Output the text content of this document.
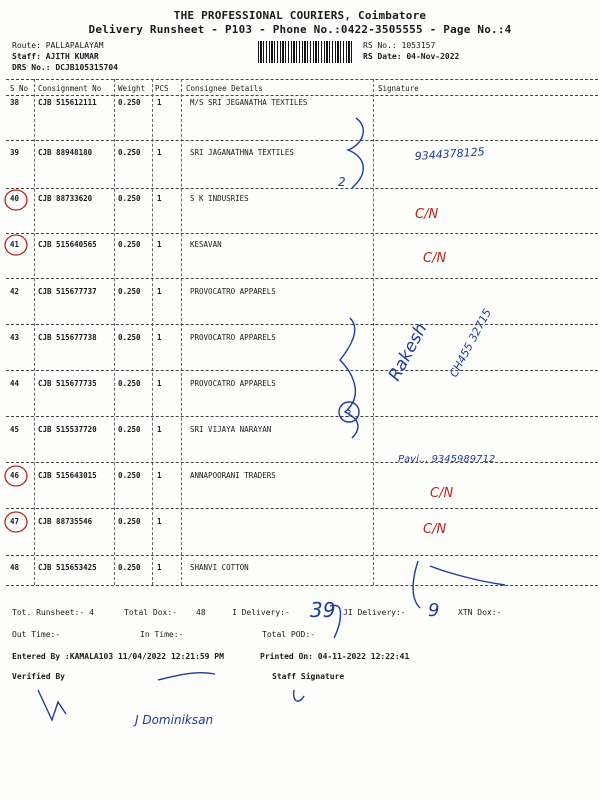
THE PROFESSIONAL COURIERS, Coimbatore
Delivery Runsheet - P103 - Phone No.:0422-3505555 - Page No.:4
Route: PALLAPALAYAM
Staff: AJITH KUMAR
DRS No.: DCJB105315704
RS No.: 1053157
RS Date: 04-Nov-2022
S No Consignment No Weight PCS Consignee Details	Signature
38	CJB 515612111	0.250 1	M/S SRI JEGANATHA TEXTILES
39	CJB 88948180	0.250 1	SRI JAGANATHNA TEXTILES
40	CJB 88733620	0.250 1	S K INDUSRIES
41	CJB 515640565	0.250 1	KESAVAN
42	CJB 515677737	0.250 1	PROVOCATRO APPARELS
43	CJB 515677738	0.250 1	PROVOCATRO APPARELS
44	CJB 515677735	0.250 1	PROVOCATRO APPARELS
45	CJB 515537720	0.250 1	SRI VIJAYA NARAYAN
46	CJB 515643015	0.250 1	ANNAPOORANI TRADERS
47	CJB 88735546	0.250 1
48	CJB 515653425	0.250 1	SHANVI COTTON
2
9344378125
C/N
C/N
Rakesh CH455 32715
3
Pavi... 9345989712
C/N
C/N
J Dominiksan
Tot. Runsheet:- 4	Total Dox:- 48	I Delivery:- 39 JI Delivery:- 9 XTN Dox:-
Out Time:-	In Time:-	Total POD:-
Entered By :KAMALA103 11/04/2022 12:21:59 PM	Printed On: 04-11-2022 12:22:41
Verified By	Staff Signature
